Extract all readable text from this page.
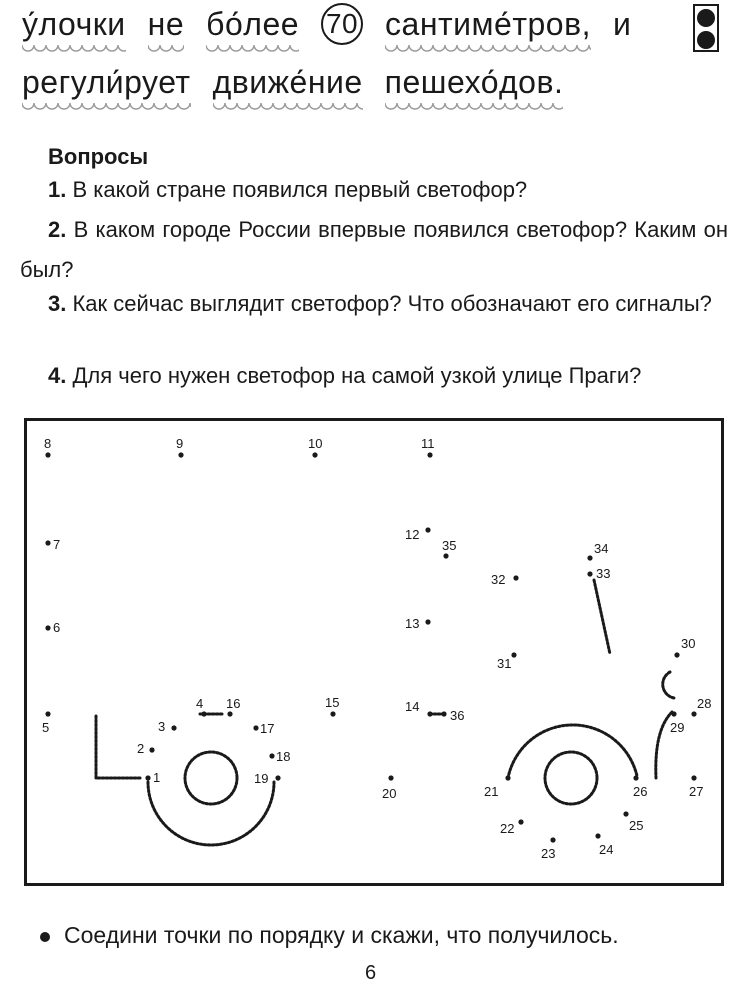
у́лочки не бо́лее 70 сантиме́тров, и
регули́рует движе́ние пешехо́дов.
Вопросы
1. В какой стране появился первый светофор?
2. В каком городе России впервые появился светофор? Каким он был?
3. Как сейчас выглядит светофор? Что обозначают его сигналы?
4. Для чего нужен светофор на самой узкой улице Праги?
1
2
3
4
5
6
7
8	9	10	11
12
13
14
15
16
17
18
19
20	21
22
23	24
25
26	27
28
29
30
31
32	33
34
35
36
Соедини точки по порядку и скажи, что получилось.
6
